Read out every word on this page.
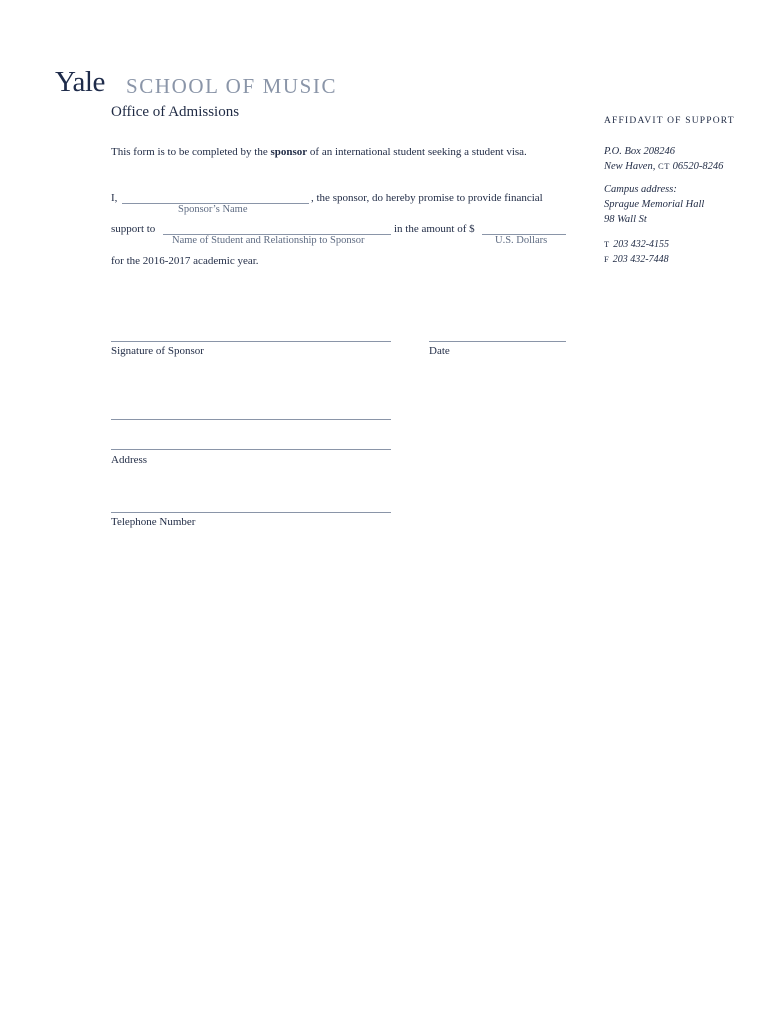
Yale SCHOOL OF MUSIC
Office of Admissions
AFFIDAVIT OF SUPPORT
This form is to be completed by the sponsor of an international student seeking a student visa.
I,	, the sponsor, do hereby promise to provide financial
Sponsor’s Name
support to	in the amount of $
Name of Student and Relationship to Sponsor	U.S. Dollars
for the 2016-2017 academic year.
Signature of Sponsor	Date
Address
Telephone Number
P.O. Box 208246
New Haven, CT 06520-8246
Campus address:
Sprague Memorial Hall
98 Wall St
T 203 432-4155
F 203 432-7448
